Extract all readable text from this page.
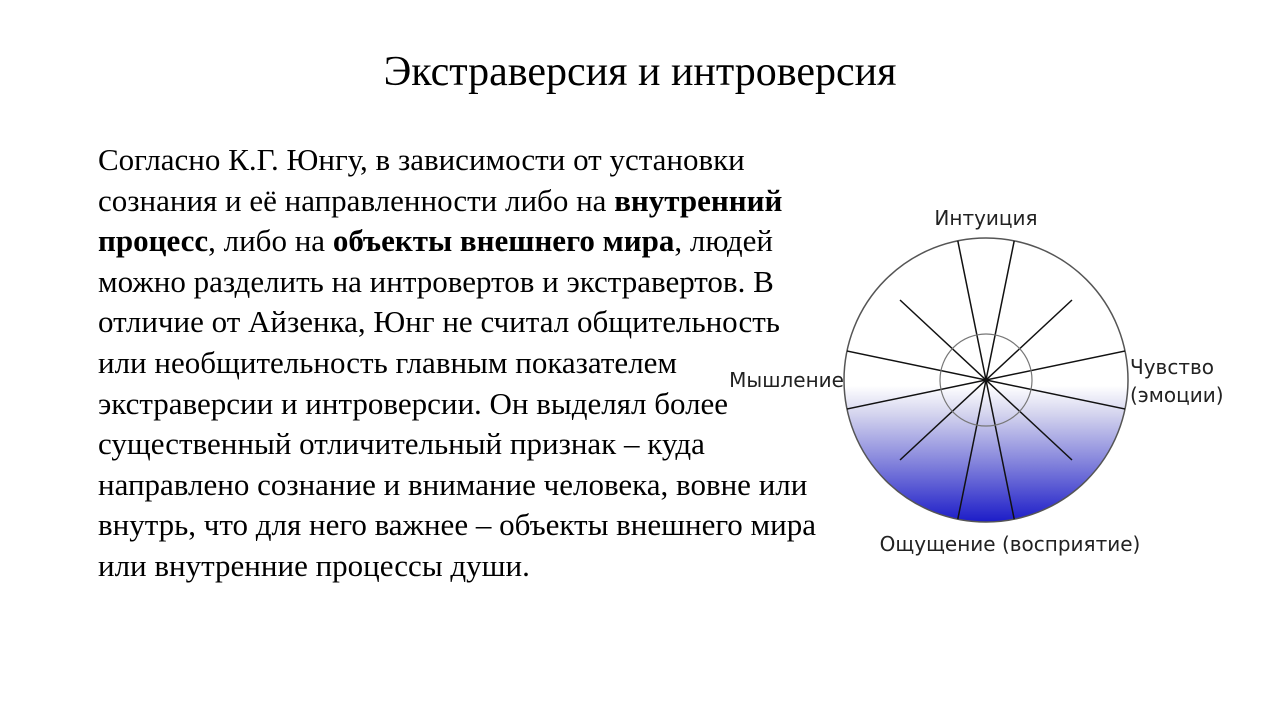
Экстраверсия и интроверсия

Согласно К.Г. Юнгу, в зависимости от установки сознания и её направленности либо на внутренний процесс, либо на объекты внешнего мира, людей можно разделить на интровертов и экстравертов. В отличие от Айзенка, Юнг не считал общительность или необщительность главным показателем экстраверсии и интроверсии. Он выделял более существенный отличительный признак – куда направлено сознание и внимание человека, вовне или внутрь, что для него важнее – объекты внешнего мира или внутренние процессы души.

Интуиция
Мышление
Чувство
(эмоции)
Ощущение (восприятие)
